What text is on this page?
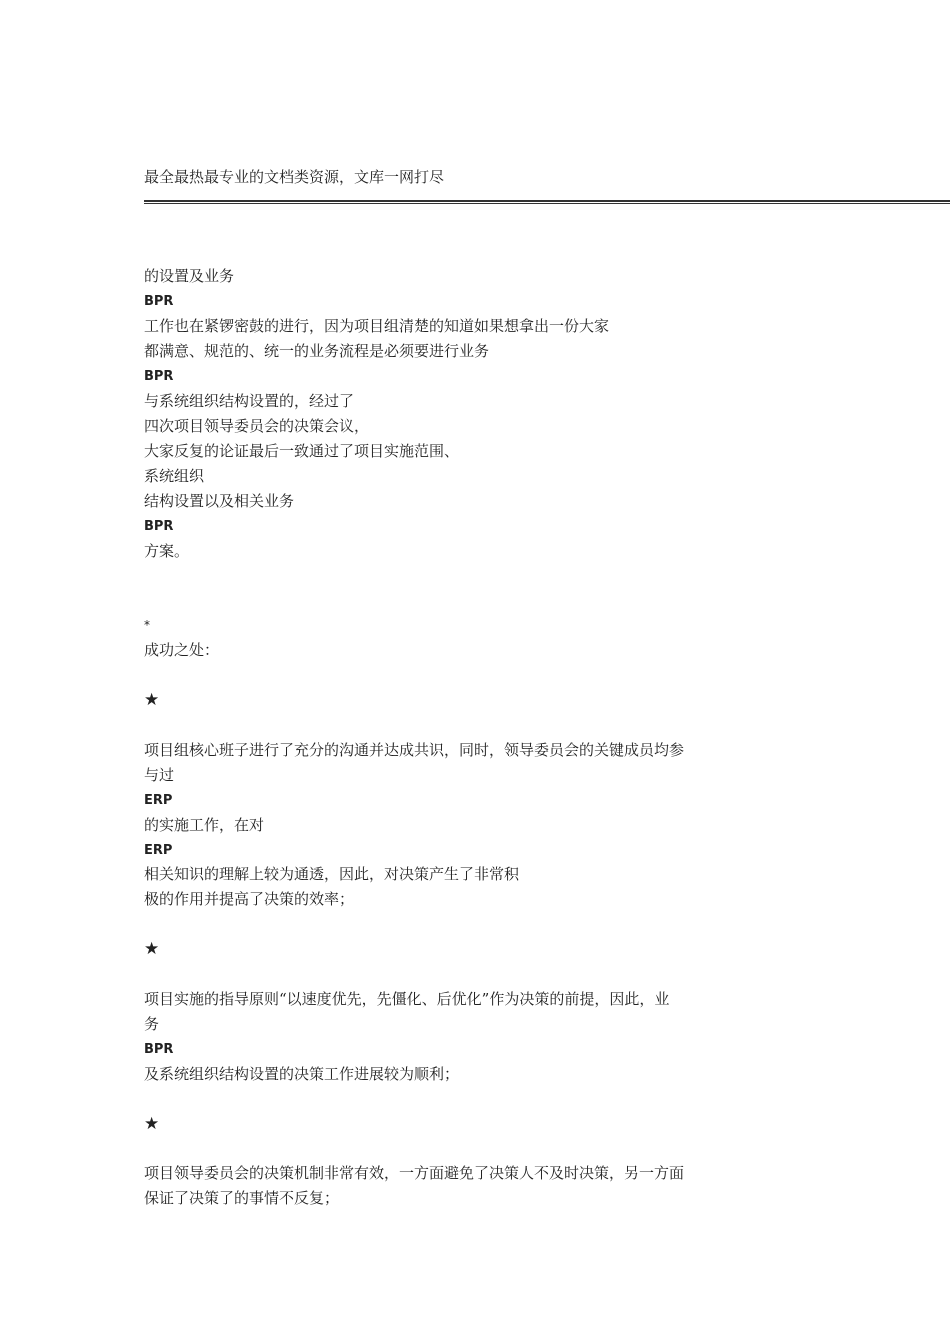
最全最热最专业的文档类资源，文库一网打尽
的设置及业务
BPR
工作也在紧锣密鼓的进行，因为项目组清楚的知道如果想拿出一份大家
都满意、规范的、统一的业务流程是必须要进行业务
BPR
与系统组织结构设置的，经过了
四次项目领导委员会的决策会议，
大家反复的论证最后一致通过了项目实施范围、
系统组织
结构设置以及相关业务
BPR
方案。
*
成功之处：
★
项目组核心班子进行了充分的沟通并达成共识，同时，领导委员会的关键成员均参
与过
ERP
的实施工作，在对
ERP
相关知识的理解上较为通透，因此，对决策产生了非常积
极的作用并提高了决策的效率；
★
项目实施的指导原则“以速度优先，先僵化、后优化”作为决策的前提，因此，业
务
BPR
及系统组织结构设置的决策工作进展较为顺利；
★
项目领导委员会的决策机制非常有效，一方面避免了决策人不及时决策，另一方面
保证了决策了的事情不反复；
